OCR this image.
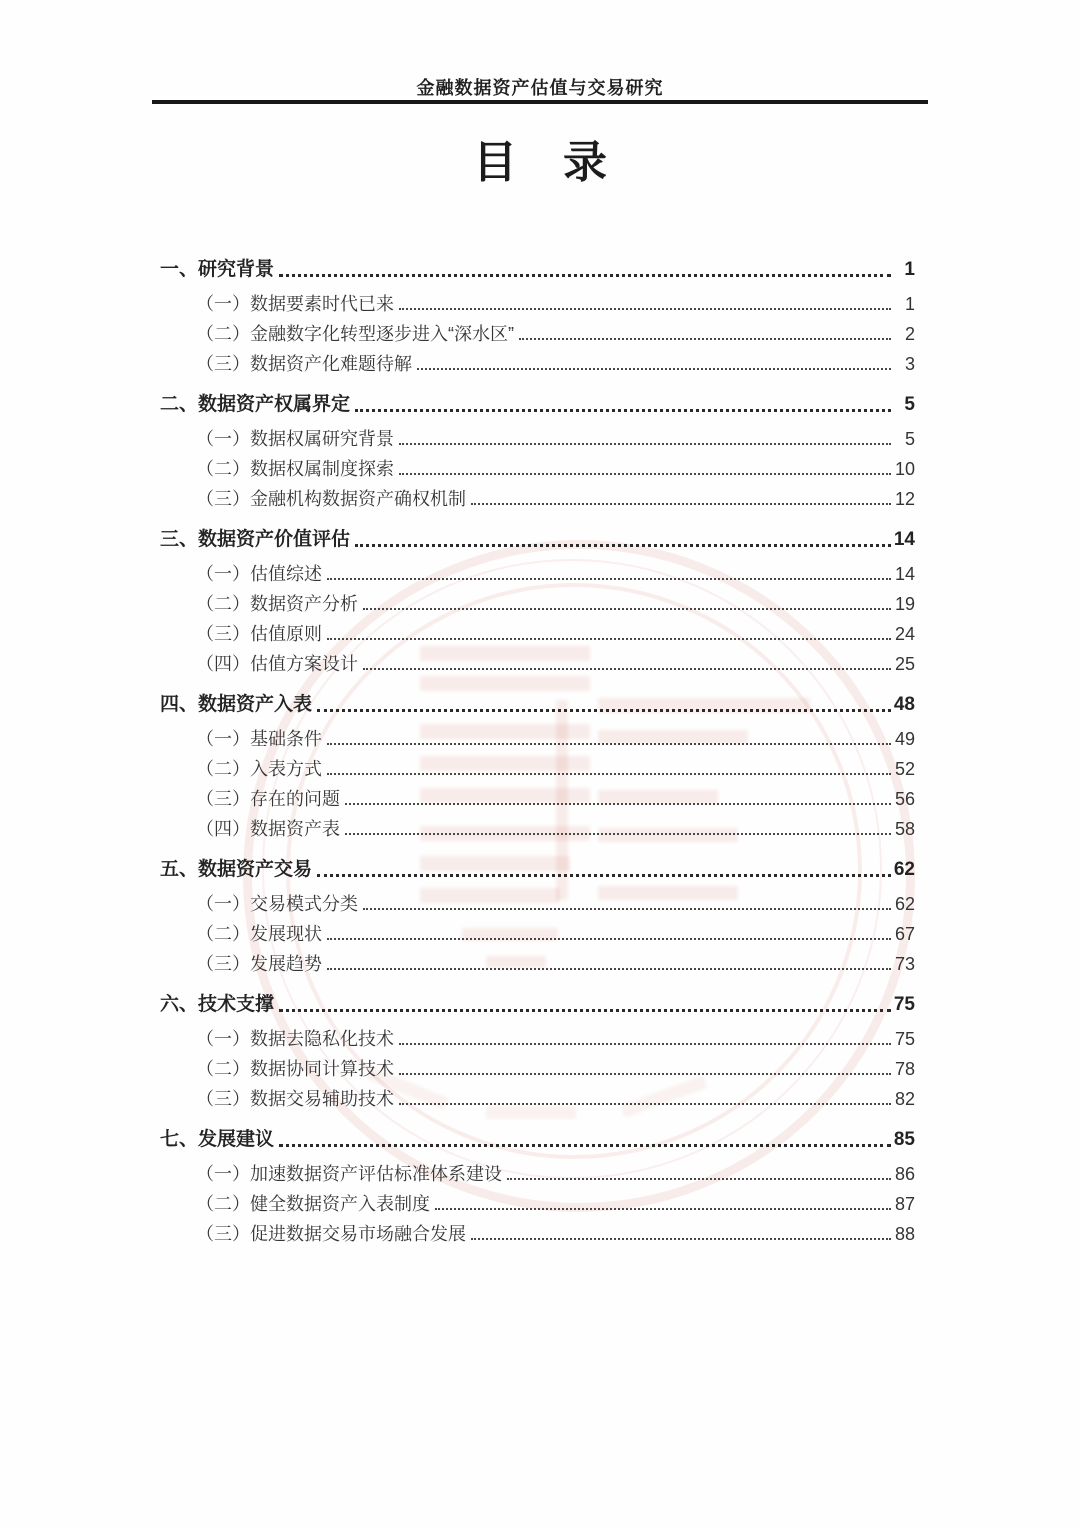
金融数据资产估值与交易研究
目 录
一、研究背景	1
（一）数据要素时代已来	1
（二）金融数字化转型逐步进入“深水区”	2
（三）数据资产化难题待解	3
二、数据资产权属界定	5
（一）数据权属研究背景	5
（二）数据权属制度探索	10
（三）金融机构数据资产确权机制	12
三、数据资产价值评估	14
（一）估值综述	14
（二）数据资产分析	19
（三）估值原则	24
（四）估值方案设计	25
四、数据资产入表	48
（一）基础条件	49
（二）入表方式	52
（三）存在的问题	56
（四）数据资产表	58
五、数据资产交易	62
（一）交易模式分类	62
（二）发展现状	67
（三）发展趋势	73
六、技术支撑	75
（一）数据去隐私化技术	75
（二）数据协同计算技术	78
（三）数据交易辅助技术	82
七、发展建议	85
（一）加速数据资产评估标准体系建设	86
（二）健全数据资产入表制度	87
（三）促进数据交易市场融合发展	88
